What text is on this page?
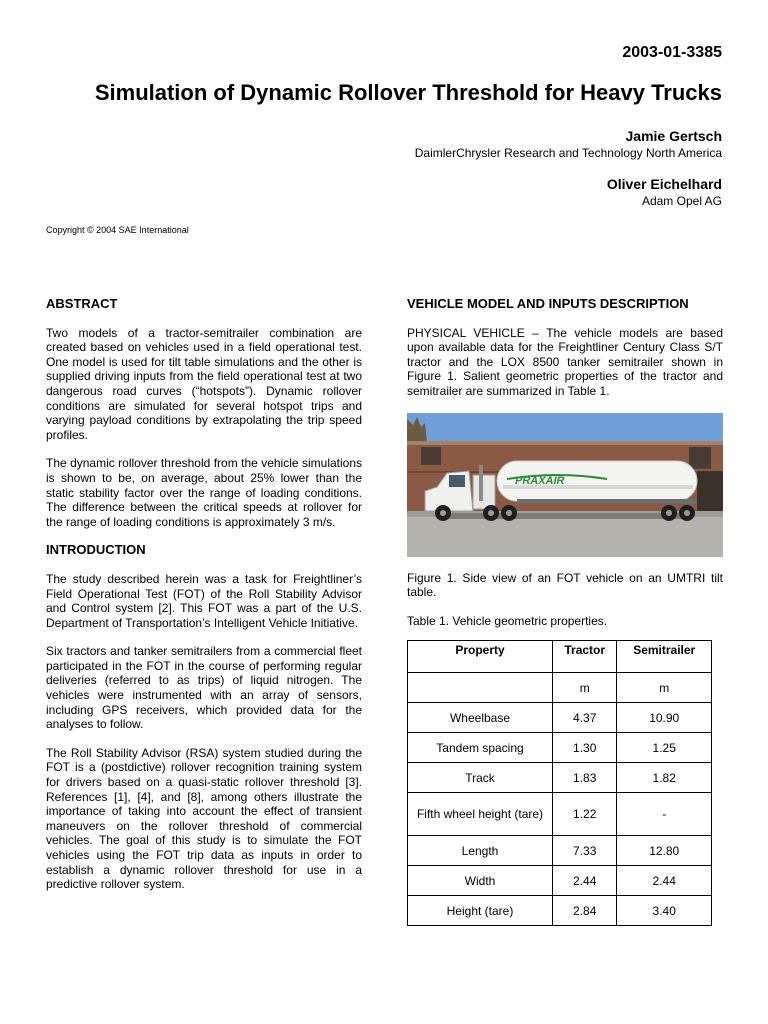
2003-01-3385
Simulation of Dynamic Rollover Threshold for Heavy Trucks
Jamie Gertsch
DaimlerChrysler Research and Technology North America
Oliver Eichelhard
Adam Opel AG
Copyright © 2004 SAE International
ABSTRACT

Two models of a tractor-semitrailer combination are created based on vehicles used in a field operational test. One model is used for tilt table simulations and the other is supplied driving inputs from the field operational test at two dangerous road curves (“hotspots”). Dynamic rollover conditions are simulated for several hotspot trips and varying payload conditions by extrapolating the trip speed profiles.

The dynamic rollover threshold from the vehicle simulations is shown to be, on average, about 25% lower than the static stability factor over the range of loading conditions. The difference between the critical speeds at rollover for the range of loading conditions is approximately 3 m/s.

INTRODUCTION

The study described herein was a task for Freightliner’s Field Operational Test (FOT) of the Roll Stability Advisor and Control system [2]. This FOT was a part of the U.S. Department of Transportation’s Intelligent Vehicle Initiative.

Six tractors and tanker semitrailers from a commercial fleet participated in the FOT in the course of performing regular deliveries (referred to as trips) of liquid nitrogen. The vehicles were instrumented with an array of sensors, including GPS receivers, which provided data for the analyses to follow.

The Roll Stability Advisor (RSA) system studied during the FOT is a (postdictive) rollover recognition training system for drivers based on a quasi-static rollover threshold [3]. References [1], [4], and [8], among others illustrate the importance of taking into account the effect of transient maneuvers on the rollover threshold of commercial vehicles. The goal of this study is to simulate the FOT vehicles using the FOT trip data as inputs in order to establish a dynamic rollover threshold for use in a predictive rollover system.

VEHICLE MODEL AND INPUTS DESCRIPTION

PHYSICAL VEHICLE – The vehicle models are based upon available data for the Freightliner Century Class S/T tractor and the LOX 8500 tanker semitrailer shown in Figure 1. Salient geometric properties of the tractor and semitrailer are summarized in Table 1.

PRAXAIR

Figure 1. Side view of an FOT vehicle on an UMTRI tilt table.

Table 1. Vehicle geometric properties.

Property	Tractor	Semitrailer
	m	m
Wheelbase	4.37	10.90
Tandem spacing	1.30	1.25
Track	1.83	1.82
Fifth wheel height (tare)	1.22	-
Length	7.33	12.80
Width	2.44	2.44
Height (tare)	2.84	3.40
